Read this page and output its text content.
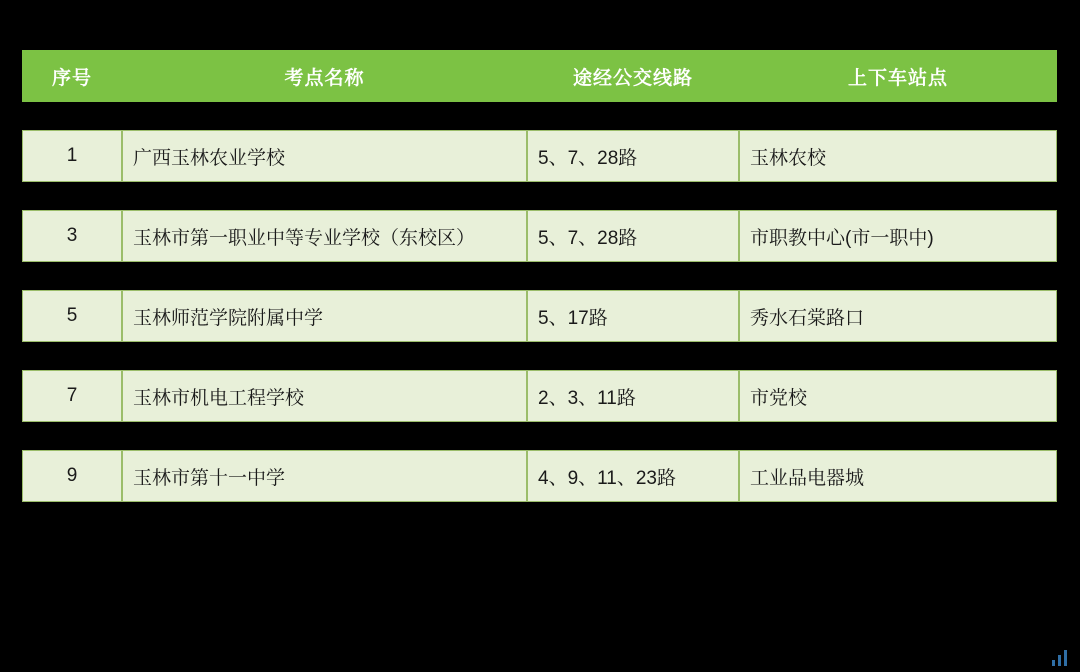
序号	考点名称	途经公交线路	上下车站点
1	广西玉林农业学校	5、7、28路	玉林农校
3	玉林市第一职业中等专业学校（东校区）	5、7、28路	市职教中心(市一职中)
5	玉林师范学院附属中学	5、17路	秀水石棠路口
7	玉林市机电工程学校	2、3、11路	市党校
9	玉林市第十一中学	4、9、11、23路	工业品电器城
